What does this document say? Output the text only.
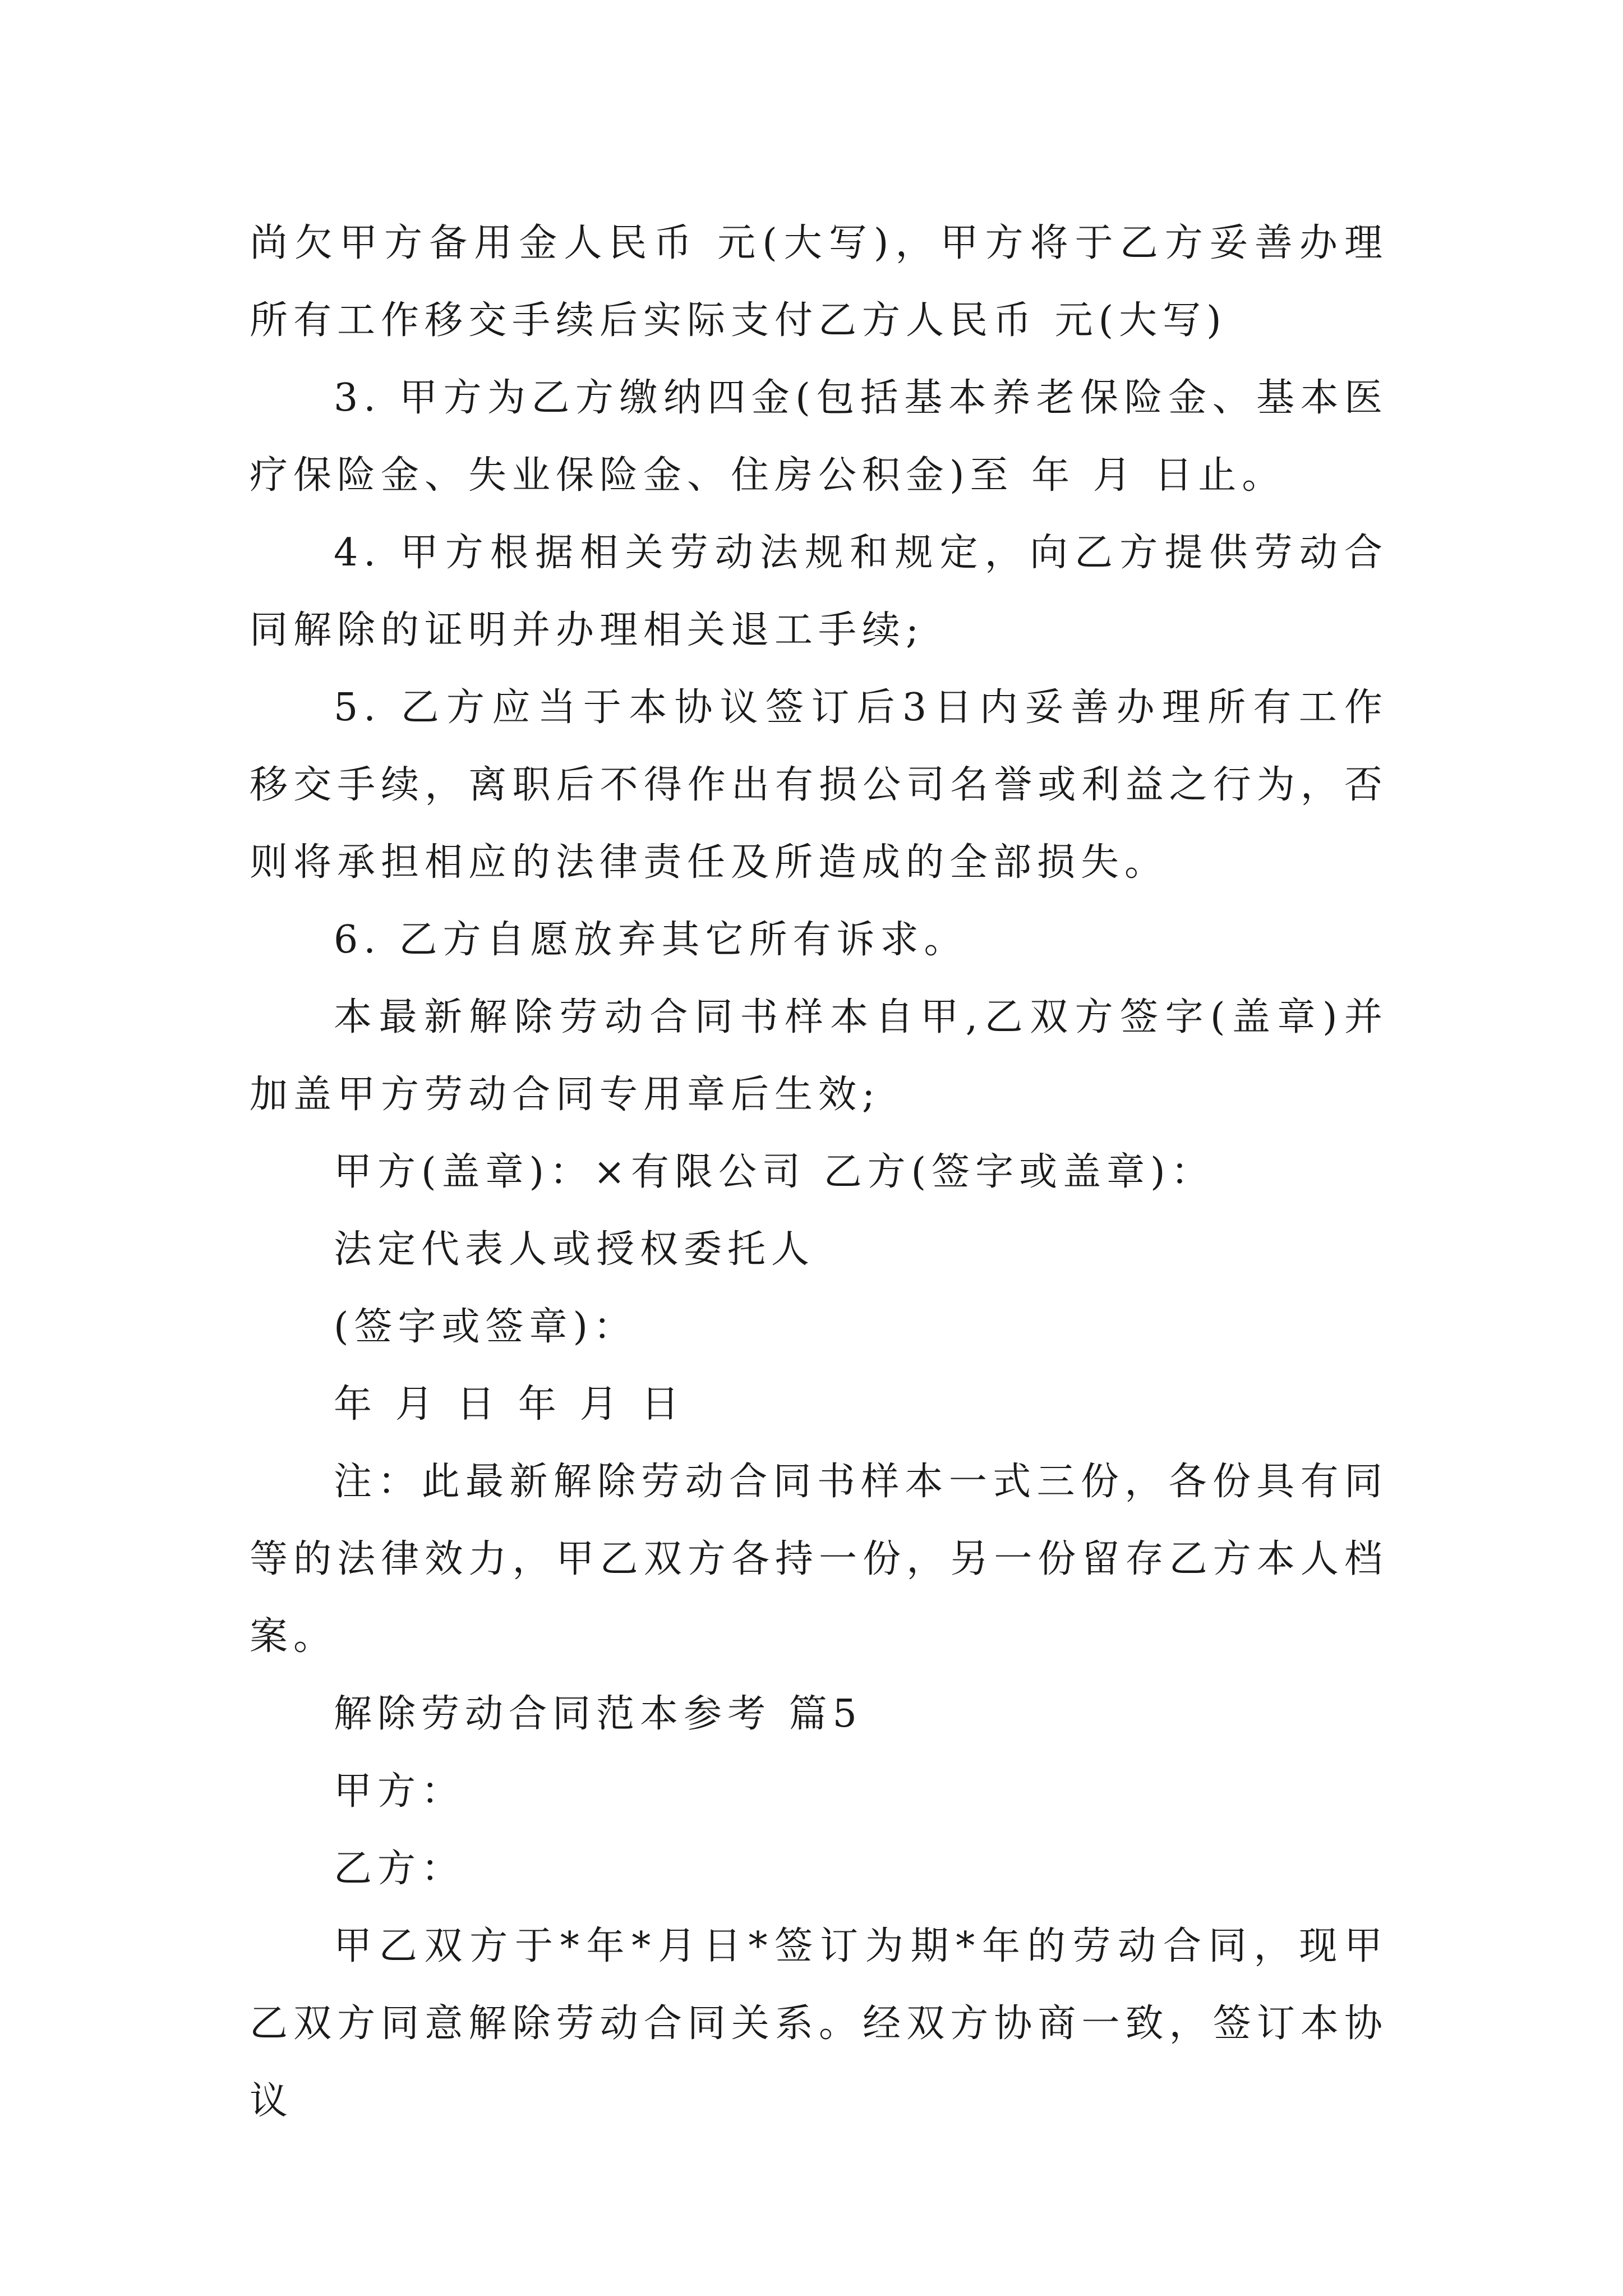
尚欠甲方备用金人民币 元(大写)，甲方将于乙方妥善办理所有工作移交手续后实际支付乙方人民币 元(大写)

3. 甲方为乙方缴纳四金(包括基本养老保险金、基本医疗保险金、失业保险金、住房公积金)至 年 月 日止。

4. 甲方根据相关劳动法规和规定，向乙方提供劳动合同解除的证明并办理相关退工手续;

5. 乙方应当于本协议签订后3日内妥善办理所有工作移交手续，离职后不得作出有损公司名誉或利益之行为，否则将承担相应的法律责任及所造成的全部损失。

6. 乙方自愿放弃其它所有诉求。

本最新解除劳动合同书样本自甲,乙双方签字(盖章)并加盖甲方劳动合同专用章后生效;

甲方(盖章)：×有限公司 乙方(签字或盖章)：

法定代表人或授权委托人

(签字或签章)：

年 月 日 年 月 日

注：此最新解除劳动合同书样本一式三份，各份具有同等的法律效力，甲乙双方各持一份，另一份留存乙方本人档案。

解除劳动合同范本参考 篇5

甲方：

乙方：

甲乙双方于*年*月日*签订为期*年的劳动合同，现甲乙双方同意解除劳动合同关系。经双方协商一致，签订本协议
